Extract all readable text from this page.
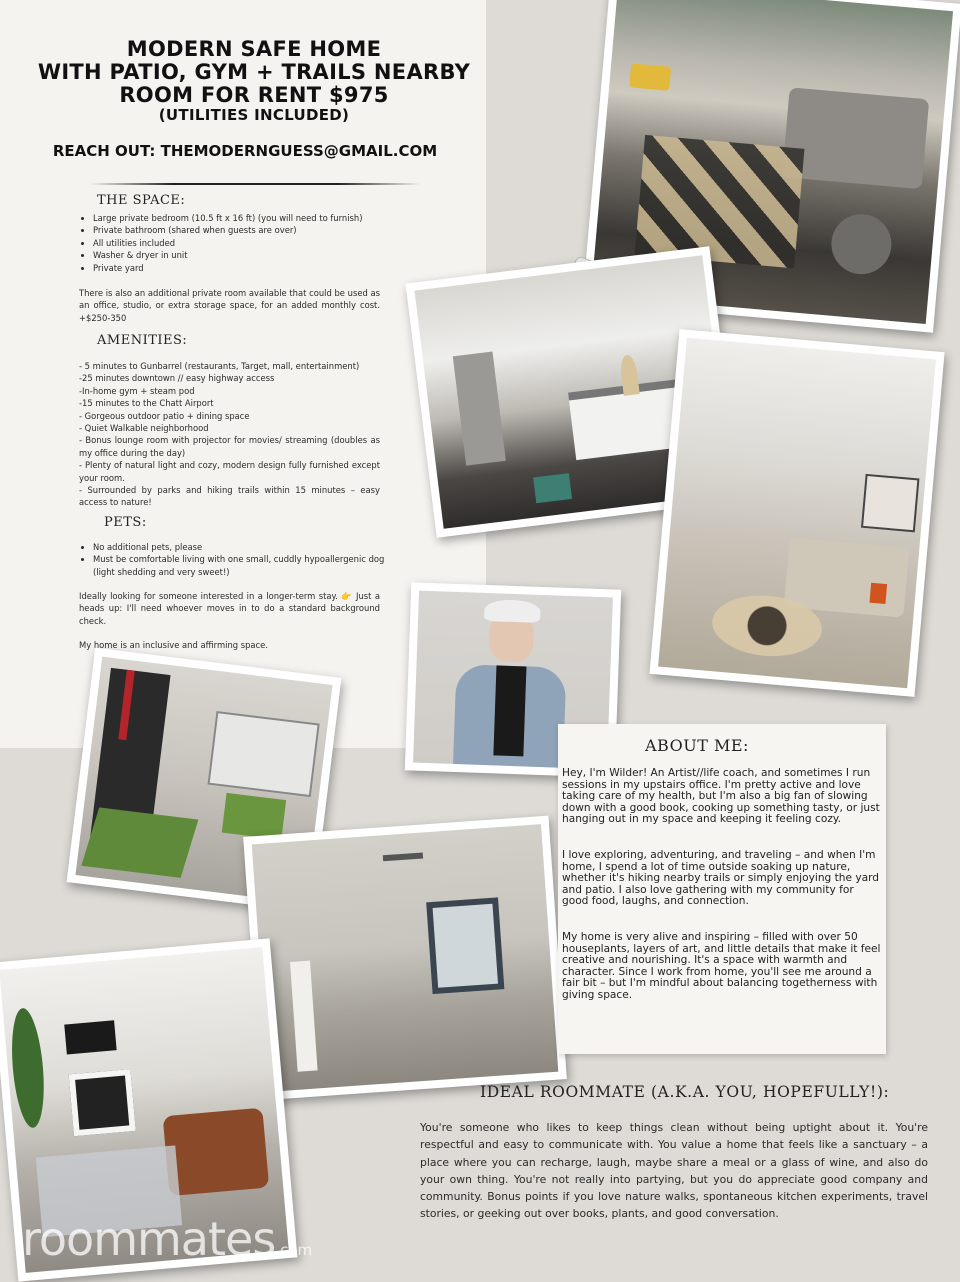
MODERN SAFE HOME
WITH PATIO, GYM + TRAILS NEARBY
ROOM FOR RENT $975
(UTILITIES INCLUDED)
REACH OUT: THEMODERNGUESS@GMAIL.COM
THE SPACE:
• Large private bedroom (10.5 ft x 16 ft) (you will need to furnish)
• Private bathroom (shared when guests are over)
• All utilities included
• Washer & dryer in unit
• Private yard
There is also an additional private room available that could be used as an office, studio, or extra storage space, for an added monthly cost. +$250-350
AMENITIES:
- 5 minutes to Gunbarrel (restaurants, Target, mall, entertainment)
-25 minutes downtown // easy highway access
-In-home gym + steam pod
-15 minutes to the Chatt Airport
- Gorgeous outdoor patio + dining space
- Quiet Walkable neighborhood
- Bonus lounge room with projector for movies/ streaming (doubles as my office during the day)
- Plenty of natural light and cozy, modern design fully furnished except your room.
- Surrounded by parks and hiking trails within 15 minutes – easy access to nature!
PETS:
• No additional pets, please
• Must be comfortable living with one small, cuddly hypoallergenic dog (light shedding and very sweet!)
Ideally looking for someone interested in a longer-term stay. 👉 Just a heads up: I'll need whoever moves in to do a standard background check.
My home is an inclusive and affirming space.
ABOUT ME:
Hey, I'm Wilder! An Artist//life coach, and sometimes I run sessions in my upstairs office. I'm pretty active and love taking care of my health, but I'm also a big fan of slowing down with a good book, cooking up something tasty, or just hanging out in my space and keeping it feeling cozy.
I love exploring, adventuring, and traveling – and when I'm home, I spend a lot of time outside soaking up nature, whether it's hiking nearby trails or simply enjoying the yard and patio. I also love gathering with my community for good food, laughs, and connection.
My home is very alive and inspiring – filled with over 50 houseplants, layers of art, and little details that make it feel creative and nourishing. It's a space with warmth and character. Since I work from home, you'll see me around a fair bit – but I'm mindful about balancing togetherness with giving space.
IDEAL ROOMMATE (A.K.A. YOU, HOPEFULLY!):
You're someone who likes to keep things clean without being uptight about it. You're respectful and easy to communicate with. You value a home that feels like a sanctuary – a place where you can recharge, laugh, maybe share a meal or a glass of wine, and also do your own thing. You're not really into partying, but you do appreciate good company and community. Bonus points if you love nature walks, spontaneous kitchen experiments, travel stories, or geeking out over books, plants, and good conversation.
roommates.com
